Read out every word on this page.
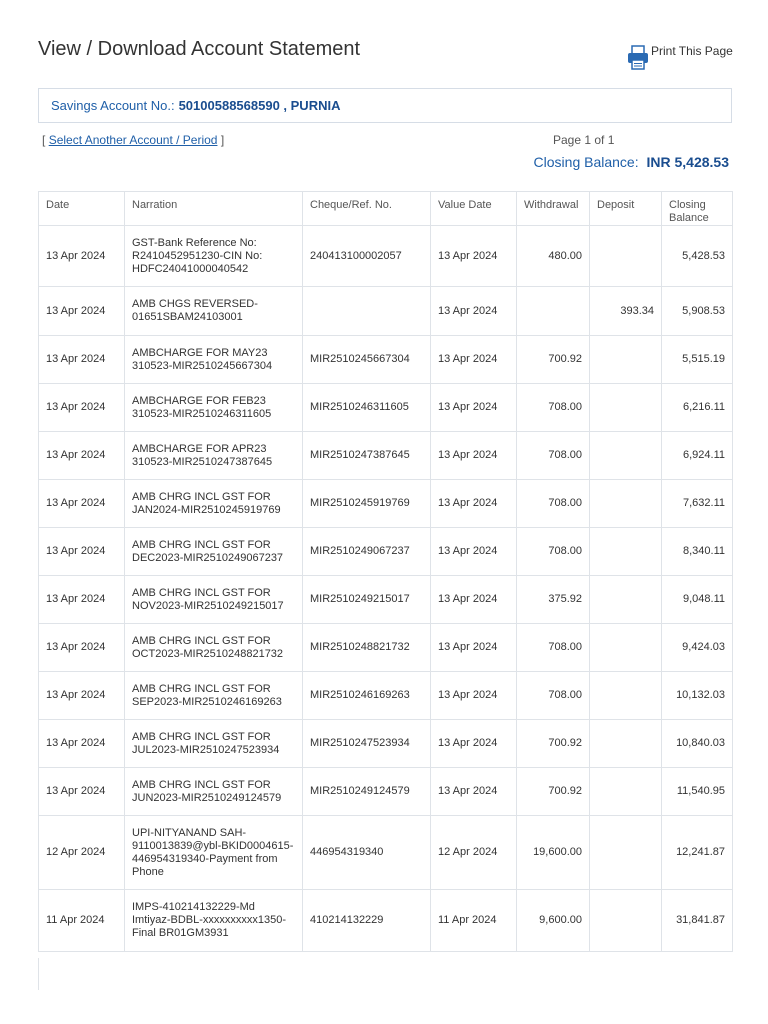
View / Download Account Statement	Print This Page
Savings Account No.: 50100588568590 , PURNIA
[ Select Another Account / Period ]	Page 1 of 1
Closing Balance: INR 5,428.53
Date	Narration	Cheque/Ref. No.	Value Date	Withdrawal	Deposit	Closing Balance
13 Apr 2024	GST-Bank Reference No: R2410452951230-CIN No: HDFC24041000040542	240413100002057	13 Apr 2024	480.00		5,428.53
13 Apr 2024	AMB CHGS REVERSED-01651SBAM24103001		13 Apr 2024		393.34	5,908.53
13 Apr 2024	AMBCHARGE FOR MAY23 310523-MIR2510245667304	MIR2510245667304	13 Apr 2024	700.92		5,515.19
13 Apr 2024	AMBCHARGE FOR FEB23 310523-MIR2510246311605	MIR2510246311605	13 Apr 2024	708.00		6,216.11
13 Apr 2024	AMBCHARGE FOR APR23 310523-MIR2510247387645	MIR2510247387645	13 Apr 2024	708.00		6,924.11
13 Apr 2024	AMB CHRG INCL GST FOR JAN2024-MIR2510245919769	MIR2510245919769	13 Apr 2024	708.00		7,632.11
13 Apr 2024	AMB CHRG INCL GST FOR DEC2023-MIR2510249067237	MIR2510249067237	13 Apr 2024	708.00		8,340.11
13 Apr 2024	AMB CHRG INCL GST FOR NOV2023-MIR2510249215017	MIR2510249215017	13 Apr 2024	375.92		9,048.11
13 Apr 2024	AMB CHRG INCL GST FOR OCT2023-MIR2510248821732	MIR2510248821732	13 Apr 2024	708.00		9,424.03
13 Apr 2024	AMB CHRG INCL GST FOR SEP2023-MIR2510246169263	MIR2510246169263	13 Apr 2024	708.00		10,132.03
13 Apr 2024	AMB CHRG INCL GST FOR JUL2023-MIR2510247523934	MIR2510247523934	13 Apr 2024	700.92		10,840.03
13 Apr 2024	AMB CHRG INCL GST FOR JUN2023-MIR2510249124579	MIR2510249124579	13 Apr 2024	700.92		11,540.95
12 Apr 2024	UPI-NITYANAND SAH-9110013839@ybl-BKID0004615-446954319340-Payment from Phone	446954319340	12 Apr 2024	19,600.00		12,241.87
11 Apr 2024	IMPS-410214132229-Md Imtiyaz-BDBL-xxxxxxxxxx1350-Final BR01GM3931	410214132229	11 Apr 2024	9,600.00		31,841.87
